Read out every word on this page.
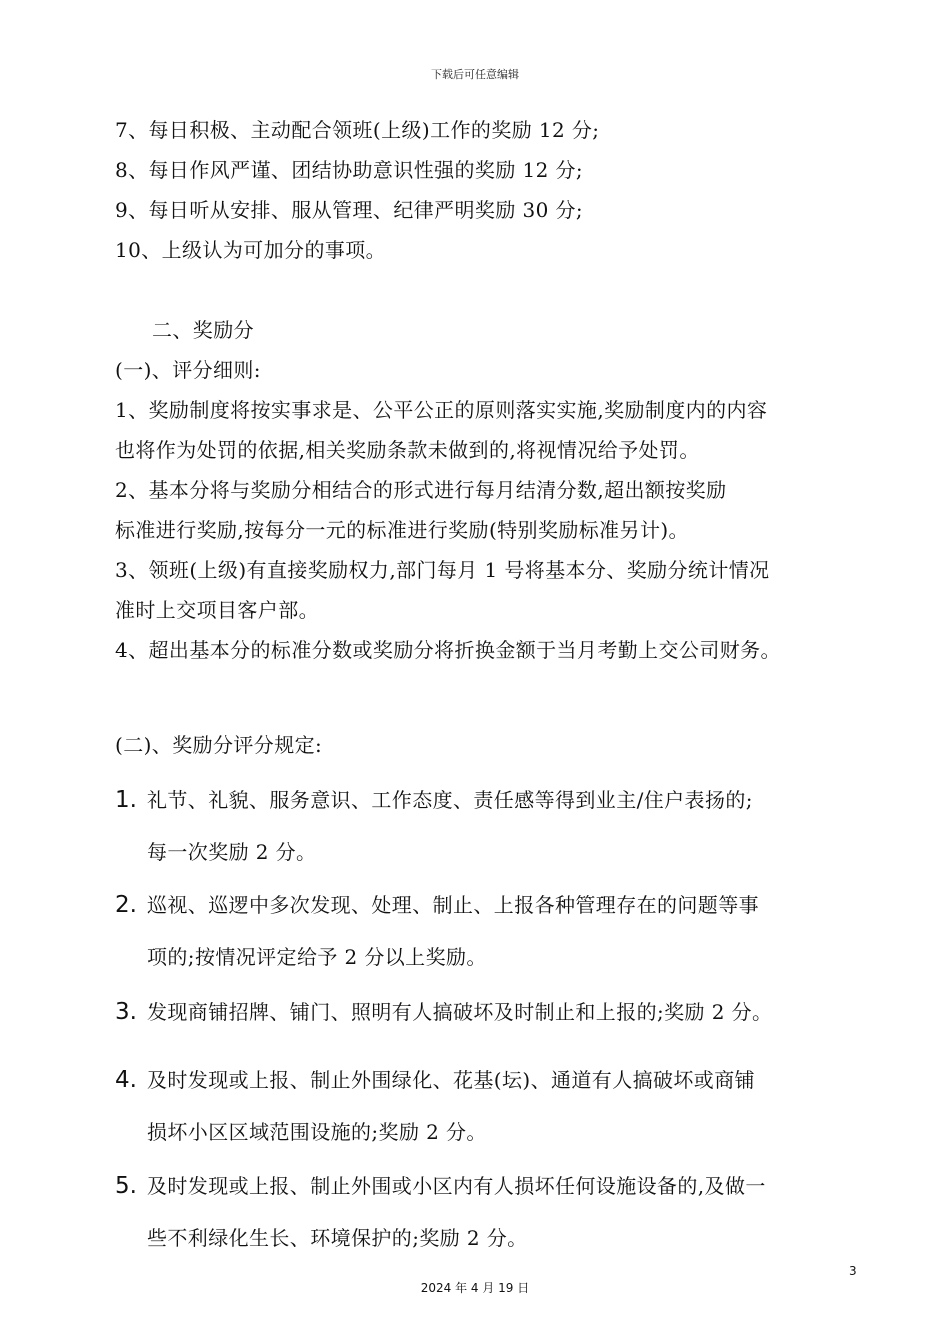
下载后可任意编辑
7、每日积极、主动配合领班(上级)工作的奖励 12 分;
8、每日作风严谨、团结协助意识性强的奖励 12 分;
9、每日听从安排、服从管理、纪律严明奖励 30 分;
10、上级认为可加分的事项。
二、奖励分
(一)、评分细则:
1、奖励制度将按实事求是、公平公正的原则落实实施,奖励制度内的内容
也将作为处罚的依据,相关奖励条款未做到的,将视情况给予处罚。
2、基本分将与奖励分相结合的形式进行每月结清分数,超出额按奖励
标准进行奖励,按每分一元的标准进行奖励(特别奖励标准另计)。
3、领班(上级)有直接奖励权力,部门每月 1 号将基本分、奖励分统计情况
准时上交项目客户部。
4、超出基本分的标准分数或奖励分将折换金额于当月考勤上交公司财务。
(二)、奖励分评分规定:
1. 礼节、礼貌、服务意识、工作态度、责任感等得到业主/住户表扬的;
每一次奖励 2 分。
2. 巡视、巡逻中多次发现、处理、制止、上报各种管理存在的问题等事
项的;按情况评定给予 2 分以上奖励。
3. 发现商铺招牌、铺门、照明有人搞破坏及时制止和上报的;奖励 2 分。
4. 及时发现或上报、制止外围绿化、花基(坛)、通道有人搞破坏或商铺
损坏小区区域范围设施的;奖励 2 分。
5. 及时发现或上报、制止外围或小区内有人损坏任何设施设备的,及做一
些不利绿化生长、环境保护的;奖励 2 分。
3
2024 年 4 月 19 日
